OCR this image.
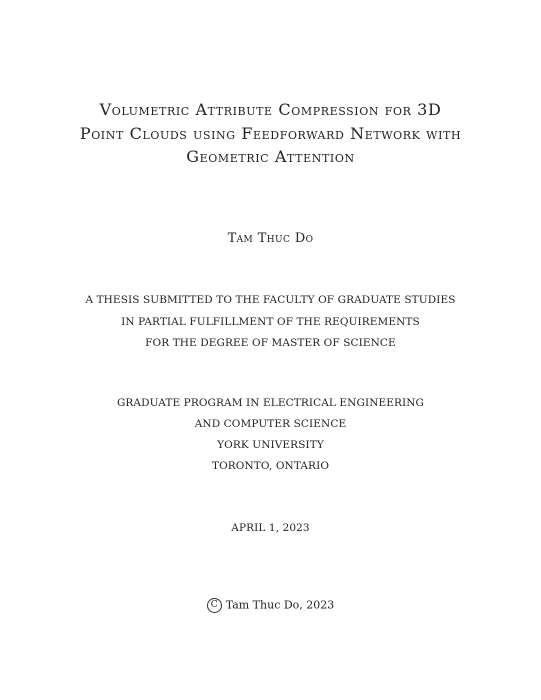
Volumetric Attribute Compression for 3D
Point Clouds using Feedforward Network with
Geometric Attention
Tam Thuc Do
A THESIS SUBMITTED TO THE FACULTY OF GRADUATE STUDIES
IN PARTIAL FULFILLMENT OF THE REQUIREMENTS
FOR THE DEGREE OF MASTER OF SCIENCE
GRADUATE PROGRAM IN ELECTRICAL ENGINEERING
AND COMPUTER SCIENCE
YORK UNIVERSITY
TORONTO, ONTARIO
APRIL 1, 2023
C Tam Thuc Do, 2023
